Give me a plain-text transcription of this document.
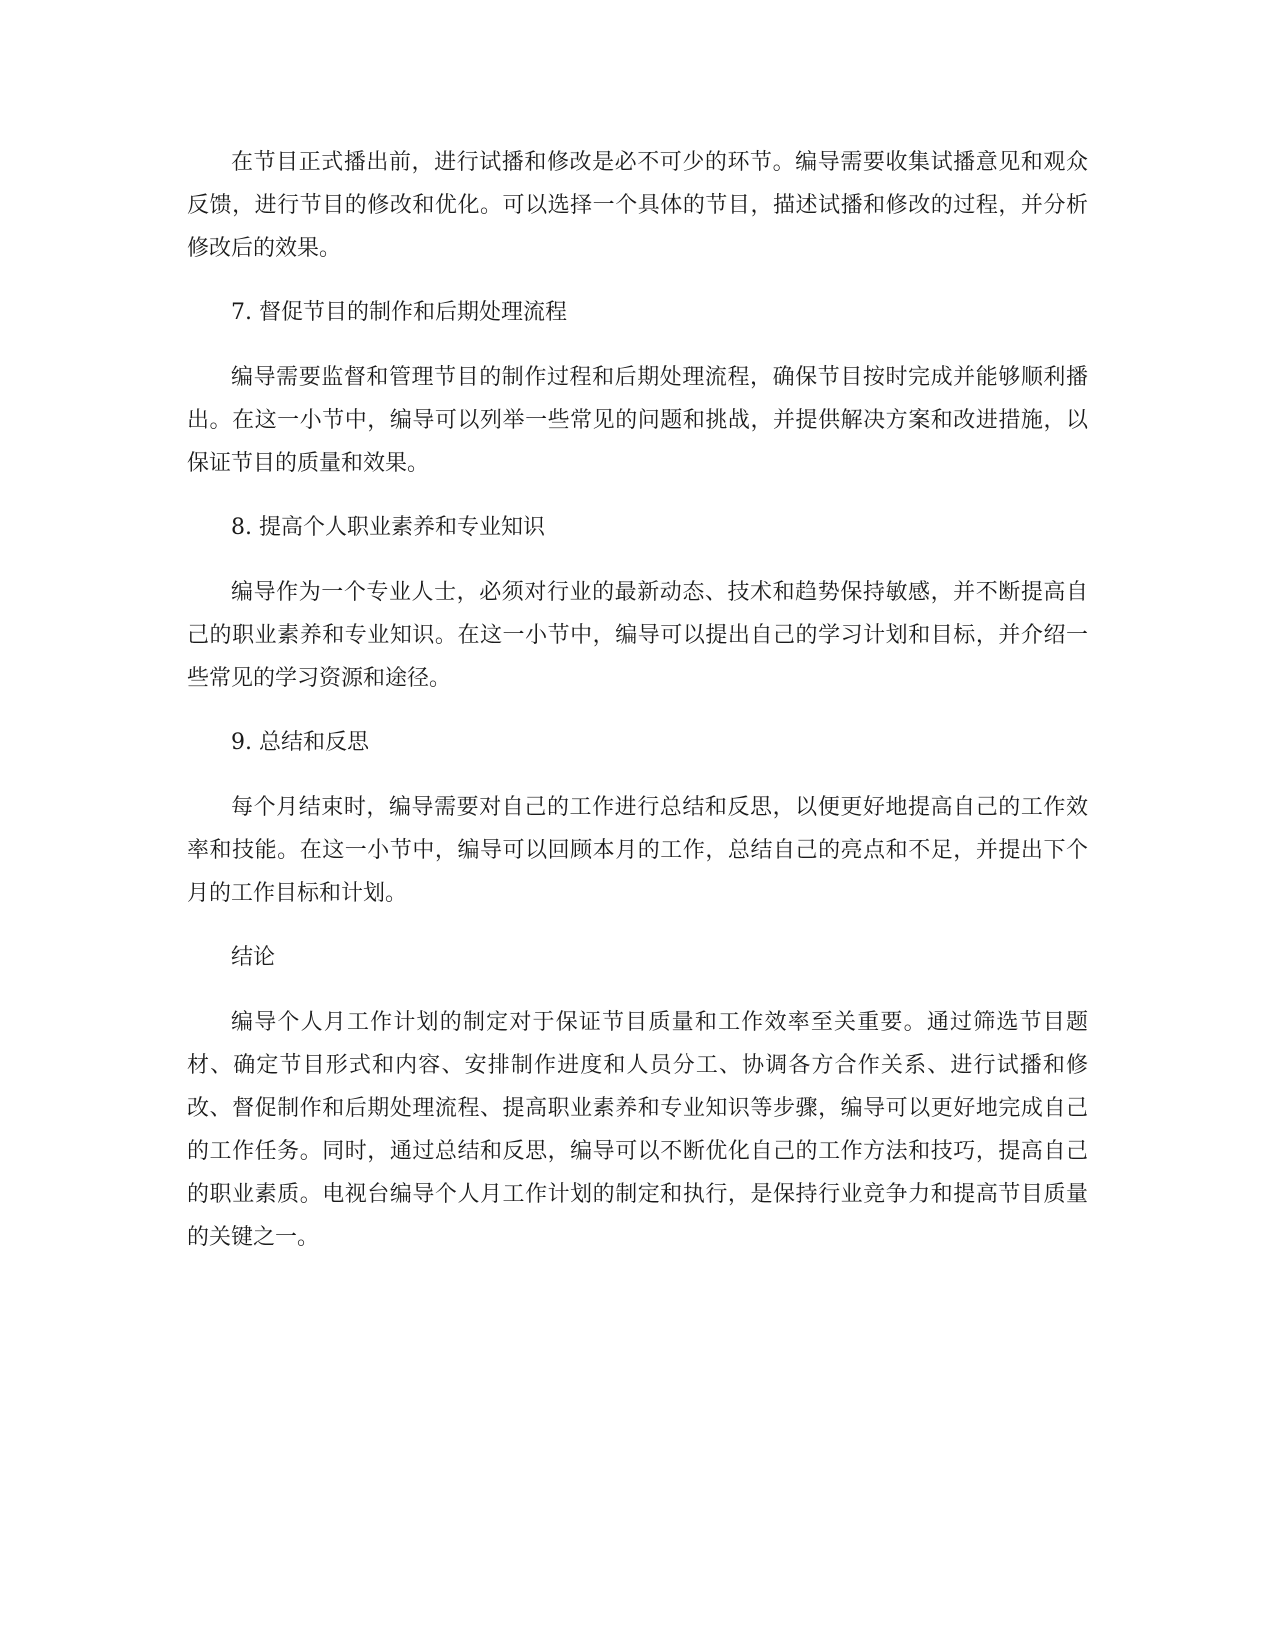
在节目正式播出前，进行试播和修改是必不可少的环节。编导需要收集试播意见和观众反馈，进行节目的修改和优化。可以选择一个具体的节目，描述试播和修改的过程，并分析修改后的效果。

7. 督促节目的制作和后期处理流程

编导需要监督和管理节目的制作过程和后期处理流程，确保节目按时完成并能够顺利播出。在这一小节中，编导可以列举一些常见的问题和挑战，并提供解决方案和改进措施，以保证节目的质量和效果。

8. 提高个人职业素养和专业知识

编导作为一个专业人士，必须对行业的最新动态、技术和趋势保持敏感，并不断提高自己的职业素养和专业知识。在这一小节中，编导可以提出自己的学习计划和目标，并介绍一些常见的学习资源和途径。

9. 总结和反思

每个月结束时，编导需要对自己的工作进行总结和反思，以便更好地提高自己的工作效率和技能。在这一小节中，编导可以回顾本月的工作，总结自己的亮点和不足，并提出下个月的工作目标和计划。

结论

编导个人月工作计划的制定对于保证节目质量和工作效率至关重要。通过筛选节目题材、确定节目形式和内容、安排制作进度和人员分工、协调各方合作关系、进行试播和修改、督促制作和后期处理流程、提高职业素养和专业知识等步骤，编导可以更好地完成自己的工作任务。同时，通过总结和反思，编导可以不断优化自己的工作方法和技巧，提高自己的职业素质。电视台编导个人月工作计划的制定和执行，是保持行业竞争力和提高节目质量的关键之一。
